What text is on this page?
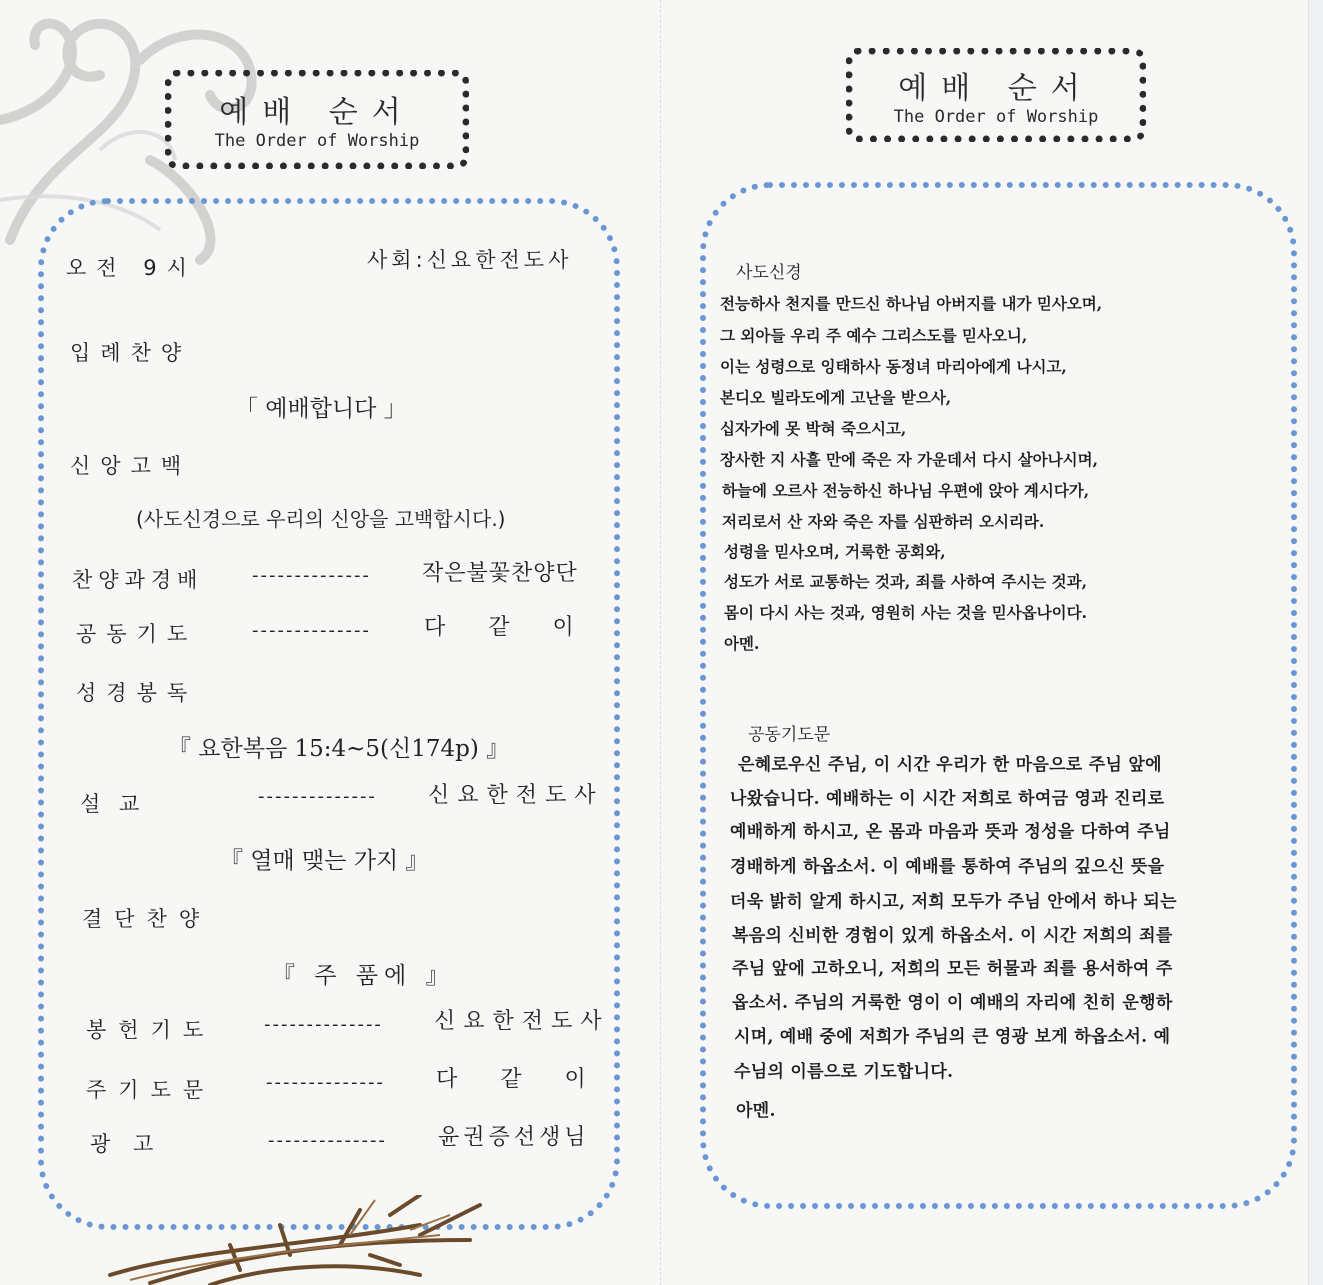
예배 순서
The Order of Worship
오전 9시	사회:신요한전도사
입례찬양
「 예배합니다 」
신앙고백
(사도신경으로 우리의 신앙을 고백합시다.)
찬양과경배	-------------- 작은불꽃찬양단
공동기도	-------------- 다 같 이
성경봉독
『 요한복음 15:4~5(신174p) 』
설 교	-------------- 신요한전도사
『 열매 맺는 가지 』
결단찬양
『 주 품에 』
봉헌기도	-------------- 신요한전도사
주기도문	-------------- 다 같 이
광 고	-------------- 윤권증선생님
예배 순서
The Order of Worship
사도신경
전능하사 천지를 만드신 하나님 아버지를 내가 믿사오며,
그 외아들 우리 주 예수 그리스도를 믿사오니,
이는 성령으로 잉태하사 동정녀 마리아에게 나시고,
본디오 빌라도에게 고난을 받으사,
십자가에 못 박혀 죽으시고,
장사한 지 사흘 만에 죽은 자 가운데서 다시 살아나시며,
하늘에 오르사 전능하신 하나님 우편에 앉아 계시다가,
저리로서 산 자와 죽은 자를 심판하러 오시리라.
성령을 믿사오며, 거룩한 공회와,
성도가 서로 교통하는 것과, 죄를 사하여 주시는 것과,
몸이 다시 사는 것과, 영원히 사는 것을 믿사옵나이다.
아멘.
공동기도문
은혜로우신 주님, 이 시간 우리가 한 마음으로 주님 앞에
나왔습니다. 예배하는 이 시간 저희로 하여금 영과 진리로
예배하게 하시고, 온 몸과 마음과 뜻과 정성을 다하여 주님
경배하게 하옵소서. 이 예배를 통하여 주님의 깊으신 뜻을
더욱 밝히 알게 하시고, 저희 모두가 주님 안에서 하나 되는
복음의 신비한 경험이 있게 하옵소서. 이 시간 저희의 죄를
주님 앞에 고하오니, 저희의 모든 허물과 죄를 용서하여 주
옵소서. 주님의 거룩한 영이 이 예배의 자리에 친히 운행하
시며, 예배 중에 저희가 주님의 큰 영광 보게 하옵소서. 예
수님의 이름으로 기도합니다.
아멘.
